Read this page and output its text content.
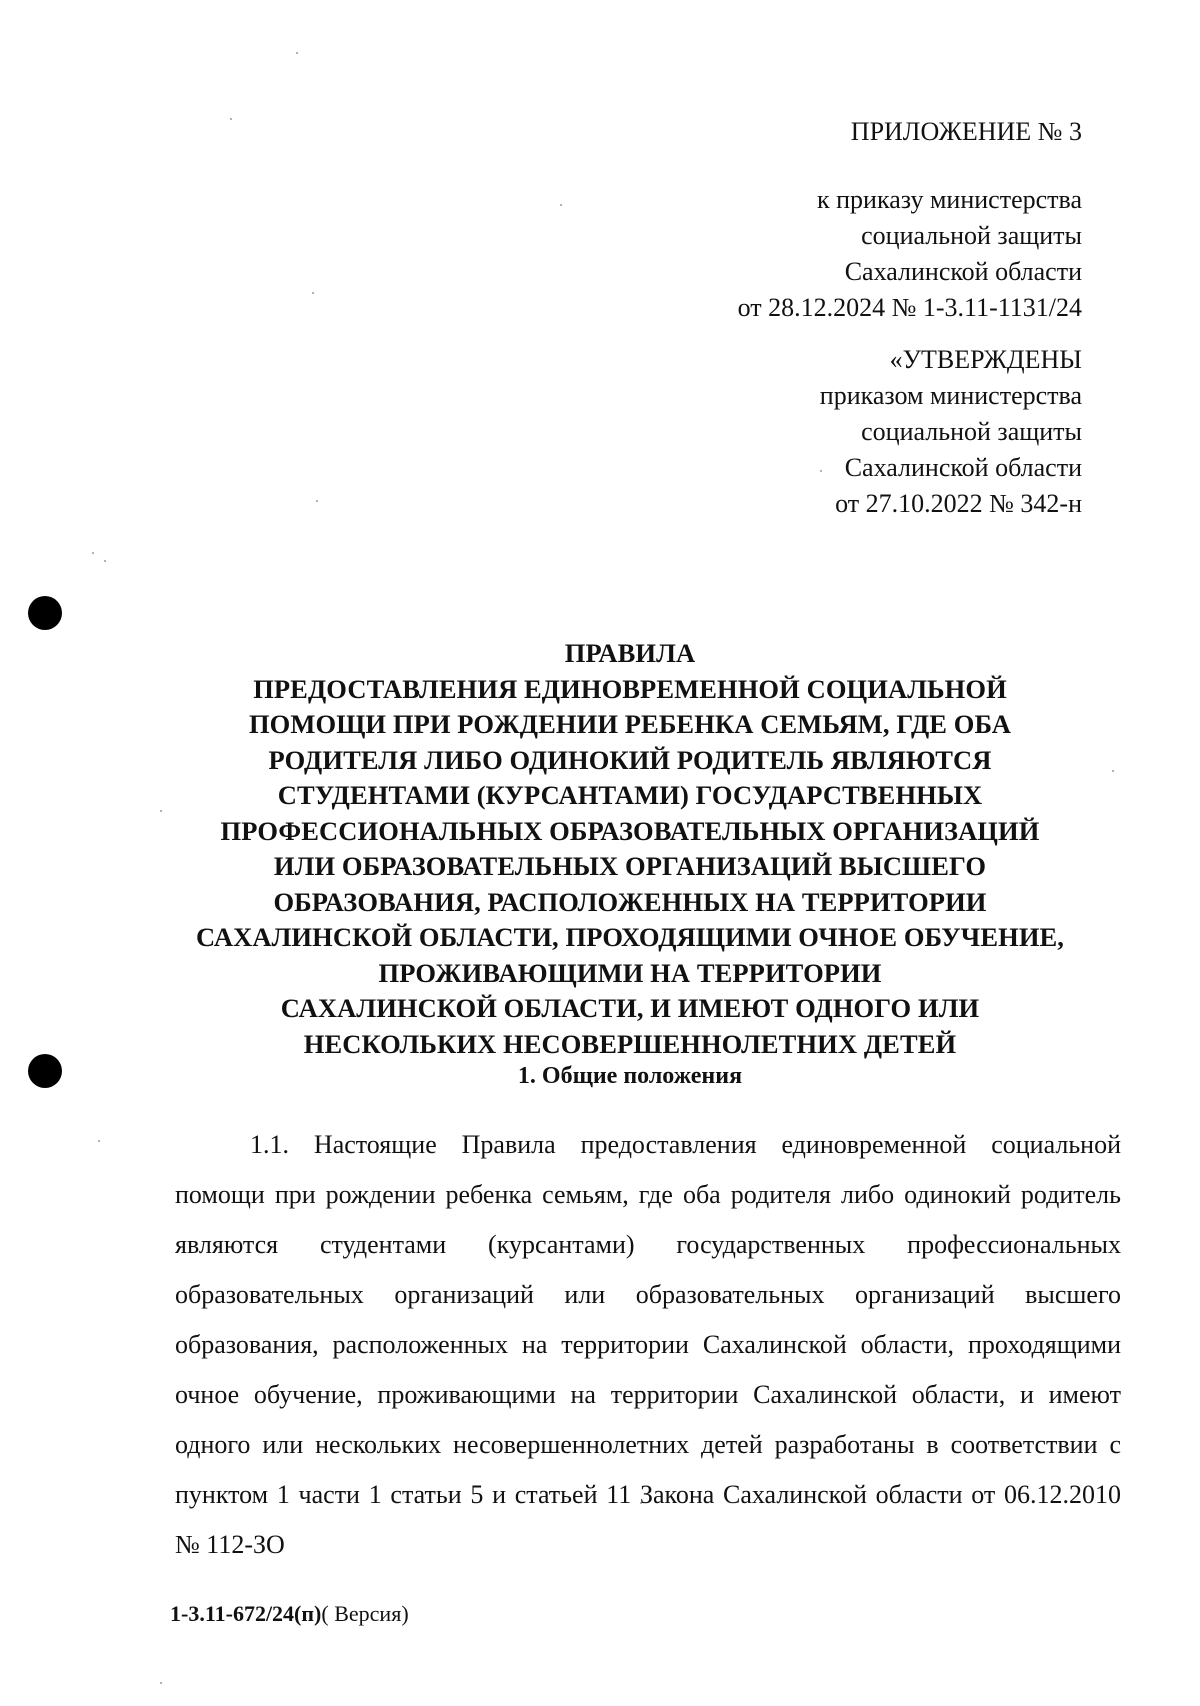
ПРИЛОЖЕНИЕ № 3
к приказу министерства
социальной защиты
Сахалинской области
от 28.12.2024 № 1-3.11-1131/24
«УТВЕРЖДЕНЫ
приказом министерства
социальной защиты
Сахалинской области
от 27.10.2022 № 342-н
ПРАВИЛА
ПРЕДОСТАВЛЕНИЯ ЕДИНОВРЕМЕННОЙ СОЦИАЛЬНОЙ
ПОМОЩИ ПРИ РОЖДЕНИИ РЕБЕНКА СЕМЬЯМ, ГДЕ ОБА
РОДИТЕЛЯ ЛИБО ОДИНОКИЙ РОДИТЕЛЬ ЯВЛЯЮТСЯ
СТУДЕНТАМИ (КУРСАНТАМИ) ГОСУДАРСТВЕННЫХ
ПРОФЕССИОНАЛЬНЫХ ОБРАЗОВАТЕЛЬНЫХ ОРГАНИЗАЦИЙ
ИЛИ ОБРАЗОВАТЕЛЬНЫХ ОРГАНИЗАЦИЙ ВЫСШЕГО
ОБРАЗОВАНИЯ, РАСПОЛОЖЕННЫХ НА ТЕРРИТОРИИ
САХАЛИНСКОЙ ОБЛАСТИ, ПРОХОДЯЩИМИ ОЧНОЕ ОБУЧЕНИЕ,
ПРОЖИВАЮЩИМИ НА ТЕРРИТОРИИ
САХАЛИНСКОЙ ОБЛАСТИ, И ИМЕЮТ ОДНОГО ИЛИ
НЕСКОЛЬКИХ НЕСОВЕРШЕННОЛЕТНИХ ДЕТЕЙ
1. Общие положения

1.1. Настоящие Правила предоставления единовременной социальной помощи при рождении ребенка семьям, где оба родителя либо одинокий родитель являются студентами (курсантами) государственных профессиональных образовательных организаций или образовательных организаций высшего образования, расположенных на территории Сахалинской области, проходящими очное обучение, проживающими на территории Сахалинской области, и имеют одного или нескольких несовершеннолетних детей разработаны в соответствии с пунктом 1 части 1 статьи 5 и статьей 11 Закона Сахалинской области от 06.12.2010 № 112-ЗО

1-3.11-672/24(п)( Версия)
